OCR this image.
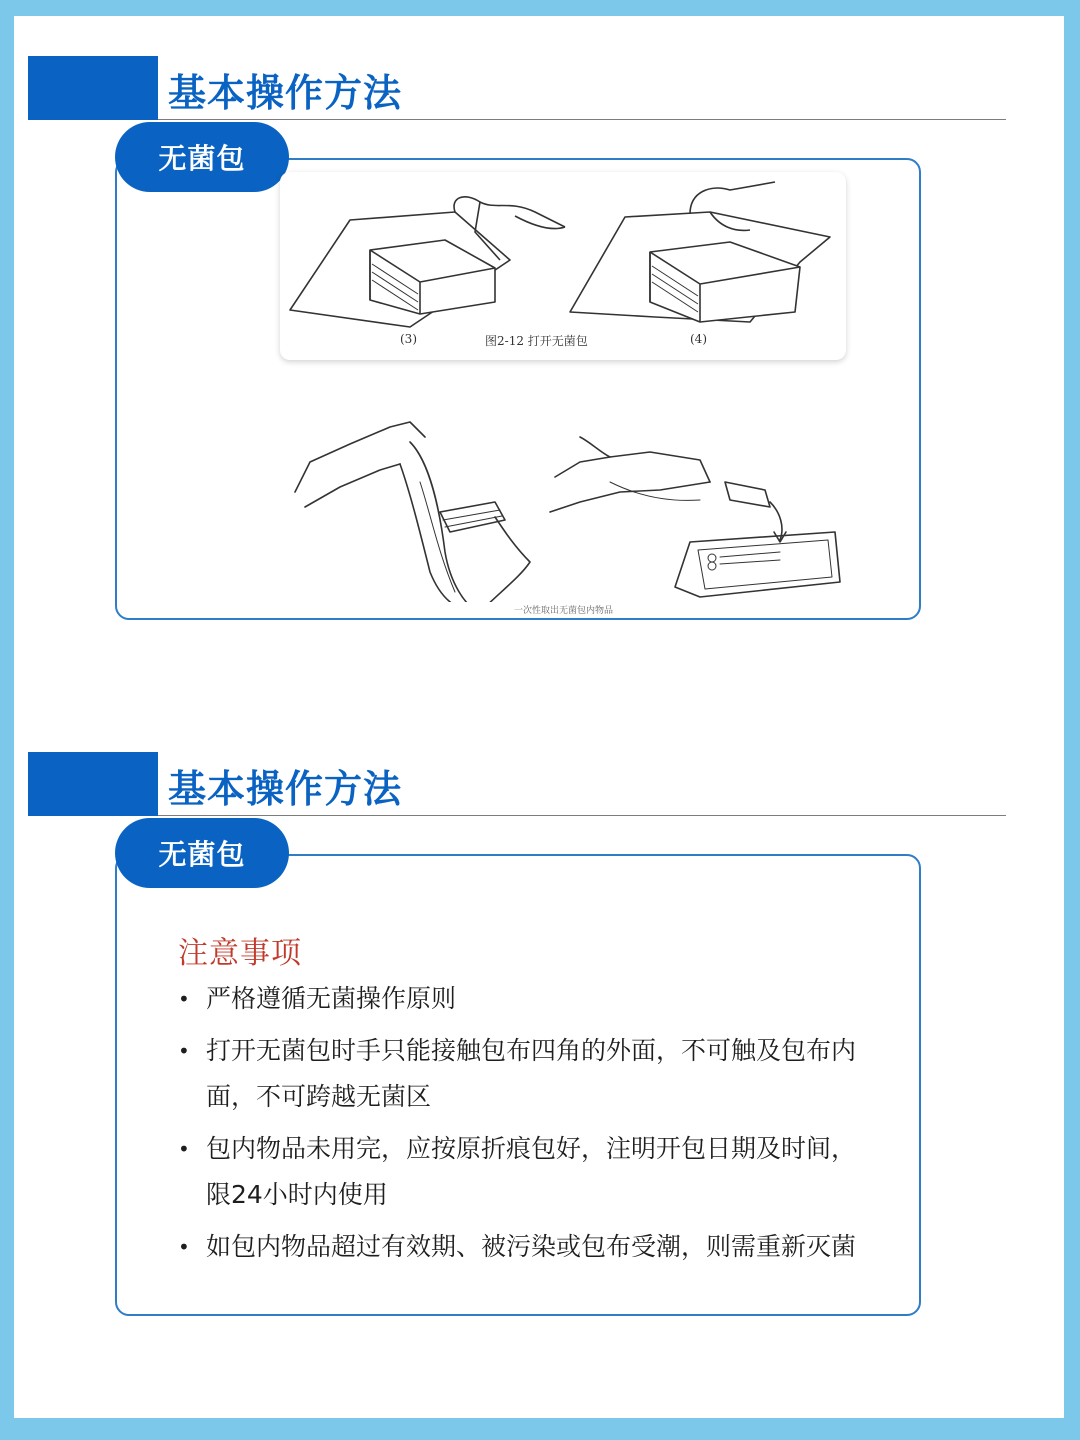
基本操作方法
无菌包
(3)	图2-12 打开无菌包	(4)
一次性取出无菌包内物品
基本操作方法
无菌包
注意事项
• 严格遵循无菌操作原则
• 打开无菌包时手只能接触包布四角的外面，不可触及包布内面，不可跨越无菌区
• 包内物品未用完，应按原折痕包好，注明开包日期及时间，限24小时内使用
• 如包内物品超过有效期、被污染或包布受潮，则需重新灭菌
